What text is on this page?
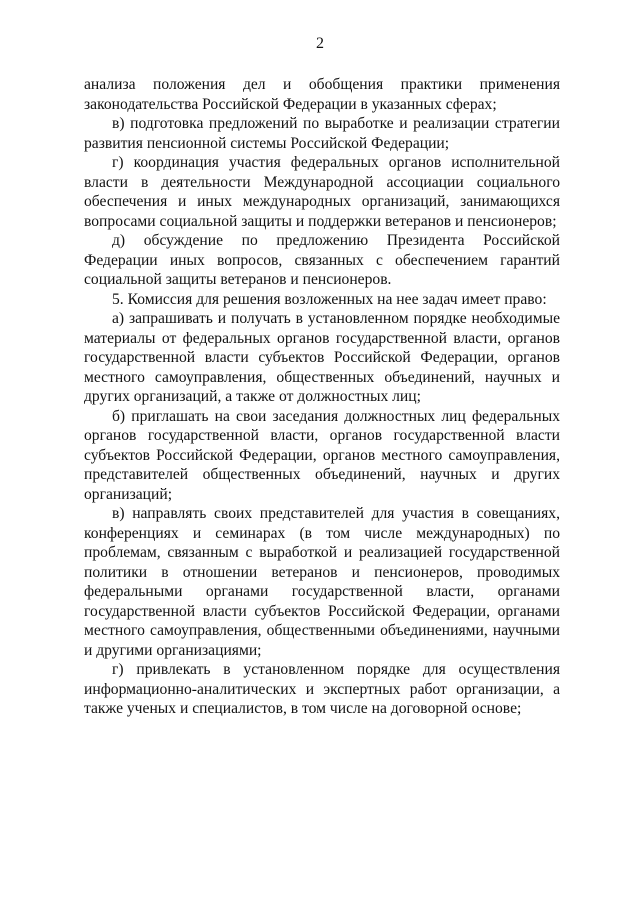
2

анализа положения дел и обобщения практики применения законодательства Российской Федерации в указанных сферах;

в) подготовка предложений по выработке и реализации стратегии развития пенсионной системы Российской Федерации;

г) координация участия федеральных органов исполнительной власти в деятельности Международной ассоциации социального обеспечения и иных международных организаций, занимающихся вопросами социальной защиты и поддержки ветеранов и пенсионеров;

д) обсуждение по предложению Президента Российской Федерации иных вопросов, связанных с обеспечением гарантий социальной защиты ветеранов и пенсионеров.

5. Комиссия для решения возложенных на нее задач имеет право:

а) запрашивать и получать в установленном порядке необходимые материалы от федеральных органов государственной власти, органов государственной власти субъектов Российской Федерации, органов местного самоуправления, общественных объединений, научных и других организаций, а также от должностных лиц;

б) приглашать на свои заседания должностных лиц федеральных органов государственной власти, органов государственной власти субъектов Российской Федерации, органов местного самоуправления, представителей общественных объединений, научных и других организаций;

в) направлять своих представителей для участия в совещаниях, конференциях и семинарах (в том числе международных) по проблемам, связанным с выработкой и реализацией государственной политики в отношении ветеранов и пенсионеров, проводимых федеральными органами государственной власти, органами государственной власти субъектов Российской Федерации, органами местного самоуправления, общественными объединениями, научными и другими организациями;

г) привлекать в установленном порядке для осуществления информационно-аналитических и экспертных работ организации, а также ученых и специалистов, в том числе на договорной основе;
